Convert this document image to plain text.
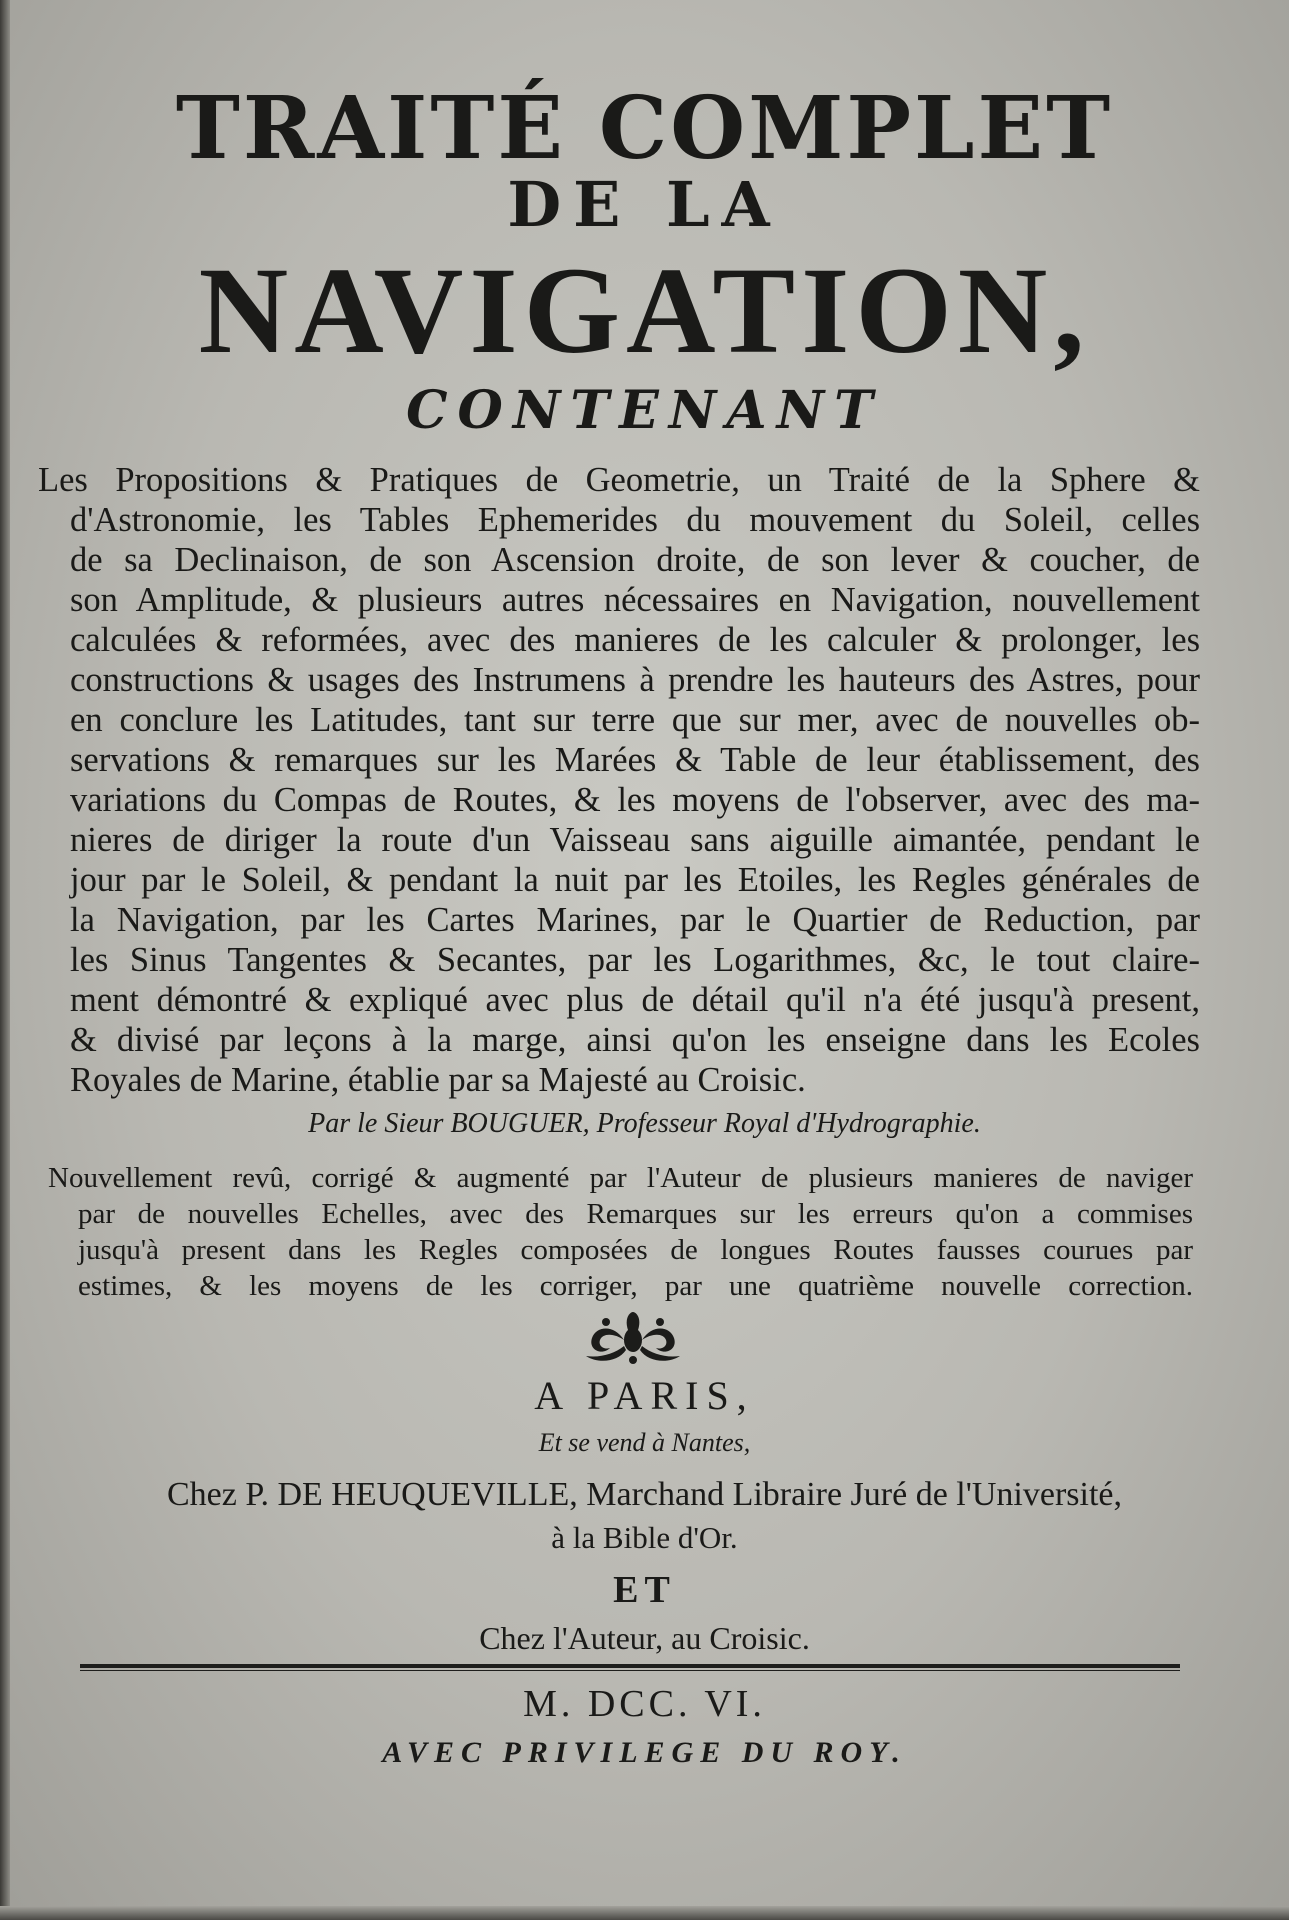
TRAITÉ COMPLET
DE LA
NAVIGATION,
CONTENANT
Les Propositions & Pratiques de Geometrie, un Traité de la Sphere &
d'Astronomie, les Tables Ephemerides du mouvement du Soleil, celles
de sa Declinaison, de son Ascension droite, de son lever & coucher, de
son Amplitude, & plusieurs autres nécessaires en Navigation, nouvellement
calculées & reformées, avec des manieres de les calculer & prolonger, les
constructions & usages des Instrumens à prendre les hauteurs des Astres, pour
en conclure les Latitudes, tant sur terre que sur mer, avec de nouvelles ob-
servations & remarques sur les Marées & Table de leur établissement, des
variations du Compas de Routes, & les moyens de l'observer, avec des ma-
nieres de diriger la route d'un Vaisseau sans aiguille aimantée, pendant le
jour par le Soleil, & pendant la nuit par les Etoiles, les Regles générales de
la Navigation, par les Cartes Marines, par le Quartier de Reduction, par
les Sinus Tangentes & Secantes, par les Logarithmes, &c, le tout claire-
ment démontré & expliqué avec plus de détail qu'il n'a été jusqu'à present,
& divisé par leçons à la marge, ainsi qu'on les enseigne dans les Ecoles
Royales de Marine, établie par sa Majesté au Croisic.
Par le Sieur BOUGUER, Professeur Royal d'Hydrographie.
Nouvellement revû, corrigé & augmenté par l'Auteur de plusieurs manieres de naviger
par de nouvelles Echelles, avec des Remarques sur les erreurs qu'on a commises
jusqu'à present dans les Regles composées de longues Routes fausses courues par
estimes, & les moyens de les corriger, par une quatrième nouvelle correction.
A PARIS,
Et se vend à Nantes,
Chez P. DE HEUQUEVILLE, Marchand Libraire Juré de l'Université,
à la Bible d'Or.
ET
Chez l'Auteur, au Croisic.
M. DCC. VI.
AVEC PRIVILEGE DU ROY.
